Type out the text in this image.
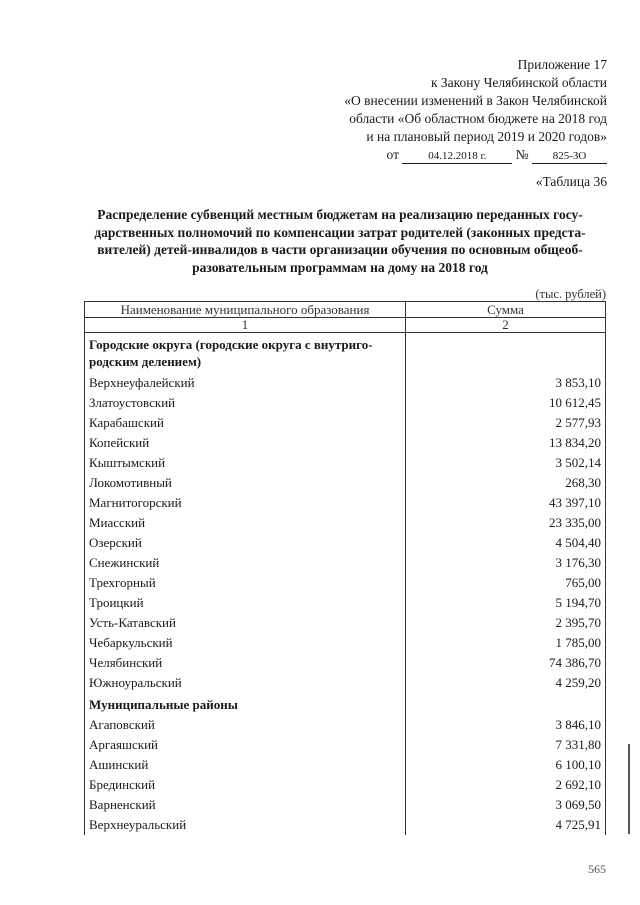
Приложение 17
к Закону Челябинской области
«О внесении изменений в Закон Челябинской
области «Об областном бюджете на 2018 год
и на плановый период 2019 и 2020 годов»
от	04.12.2018 г. № 825-ЗО
«Таблица 36
Распределение субвенций местным бюджетам на реализацию переданных госу-дарственных полномочий по компенсации затрат родителей (законных предста-вителей) детей-инвалидов в части организации обучения по основным общеоб-разовательным программам на дому на 2018 год
(тыс. рублей)
Наименование муниципального образования	Сумма
1	2
Городские округа (городские округа с внутриго-родским делением)	
Верхнеуфалейский	3 853,10
Златоустовский	10 612,45
Карабашский	2 577,93
Копейский	13 834,20
Кыштымский	3 502,14
Локомотивный	268,30
Магнитогорский	43 397,10
Миасский	23 335,00
Озерский	4 504,40
Снежинский	3 176,30
Трехгорный	765,00
Троицкий	5 194,70
Усть-Катавский	2 395,70
Чебаркульский	1 785,00
Челябинский	74 386,70
Южноуральский	4 259,20
Муниципальные районы	
Агаповский	3 846,10
Аргаяшский	7 331,80
Ашинский	6 100,10
Брединский	2 692,10
Варненский	3 069,50
Верхнеуральский	4 725,91
565
